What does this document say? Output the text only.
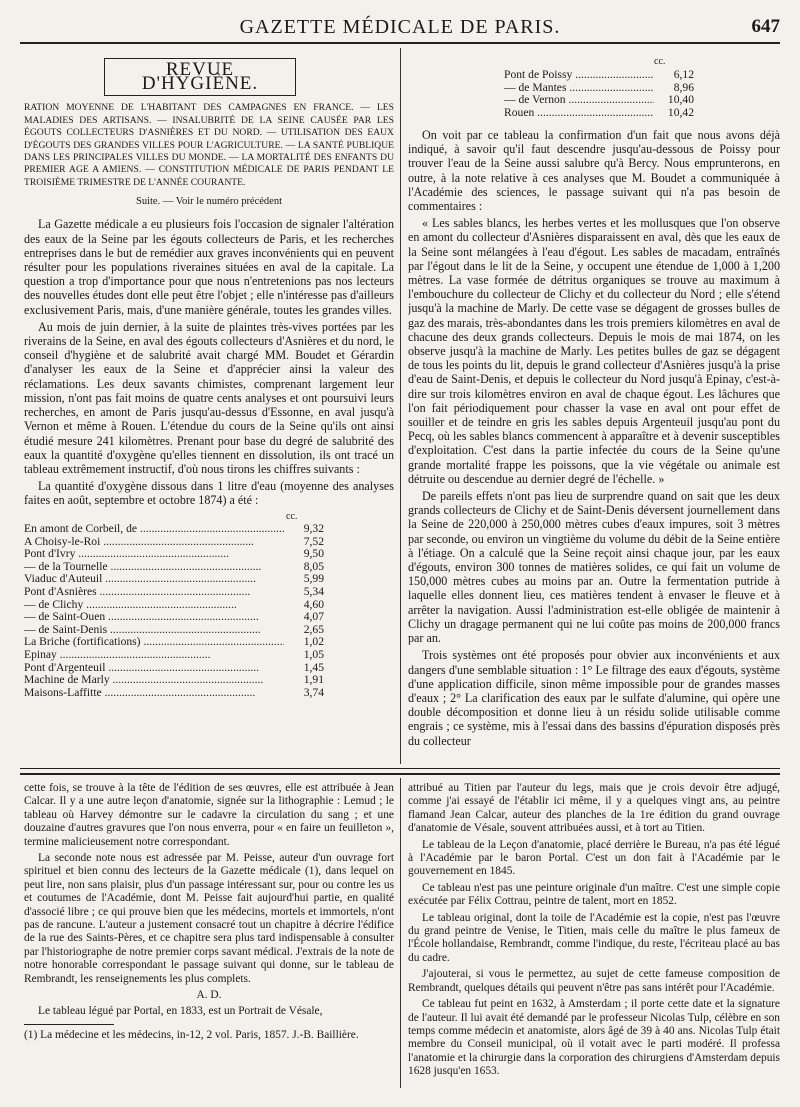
GAZETTE MÉDICALE DE PARIS.	647
REVUE D'HYGIÈNE.
RATION MOYENNE DE L'HABITANT DES CAMPAGNES EN FRANCE. — LES MALADIES DES ARTISANS. — INSALUBRITÉ DE LA SEINE CAUSÉE PAR LES ÉGOUTS COLLECTEURS D'ASNIÈRES ET DU NORD. — UTILISATION DES EAUX D'ÉGOUTS DES GRANDES VILLES POUR L'AGRICULTURE. — LA SANTÉ PUBLIQUE DANS LES PRINCIPALES VILLES DU MONDE. — LA MORTALITÉ DES ENFANTS DU PREMIER AGE A AMIENS. — CONSTITUTION MÉDICALE DE PARIS PENDANT LE TROISIÈME TRIMESTRE DE L'ANNÉE COURANTE.
Suite. — Voir le numéro précédent

La Gazette médicale a eu plusieurs fois l'occasion de signaler l'altération des eaux de la Seine par les égouts collecteurs de Paris, et les recherches entreprises dans le but de remédier aux graves inconvénients qui en peuvent résulter pour les populations riveraines situées en aval de la capitale. La question a trop d'importance pour que nous n'entretenions pas nos lecteurs des nouvelles études dont elle peut être l'objet ; elle n'intéresse pas d'ailleurs exclusivement Paris, mais, d'une manière générale, toutes les grandes villes.

Au mois de juin dernier, à la suite de plaintes très-vives portées par les riverains de la Seine, en aval des égouts collecteurs d'Asnières et du nord, le conseil d'hygiène et de salubrité avait chargé MM. Boudet et Gérardin d'analyser les eaux de la Seine et d'apprécier ainsi la valeur des réclamations. Les deux savants chimistes, comprenant largement leur mission, n'ont pas fait moins de quatre cents analyses et ont poursuivi leurs recherches, en amont de Paris jusqu'au-dessus d'Essonne, en aval jusqu'à Vernon et même à Rouen. L'étendue du cours de la Seine qu'ils ont ainsi étudié mesure 241 kilomètres. Prenant pour base du degré de salubrité des eaux la quantité d'oxygène qu'elles tiennent en dissolution, ils ont tracé un tableau extrêmement instructif, d'où nous tirons les chiffres suivants :

La quantité d'oxygène dissous dans 1 litre d'eau (moyenne des analyses faites en août, septembre et octobre 1874) a été :

cc.
En amont de Corbeil, de .....	9,32
A Choisy-le-Roi .....	7,52
Pont d'Ivry .....	9,50
— de la Tournelle .....	8,05
Viaduc d'Auteuil .....	5,99
Pont d'Asnières .....	5,34
— de Clichy .....	4,60
— de Saint-Ouen .....	4,07
— de Saint-Denis .....	2,65
La Briche (fortifications) .....	1,02
Epinay .....	1,05
Pont d'Argenteuil .....	1,45
Machine de Marly .....	1,91
Maisons-Laffitte .....	3,74
cc.
Pont de Poissy .....	6,12
— de Mantes .....	8,96
— de Vernon .....	10,40
Rouen .....	10,42

On voit par ce tableau la confirmation d'un fait que nous avons déjà indiqué, à savoir qu'il faut descendre jusqu'au-dessous de Poissy pour trouver l'eau de la Seine aussi salubre qu'à Bercy. Nous emprunterons, en outre, à la note relative à ces analyses que M. Boudet a communiquée à l'Académie des sciences, le passage suivant qui n'a pas besoin de commentaires :

« Les sables blancs, les herbes vertes et les mollusques que l'on observe en amont du collecteur d'Asnières disparaissent en aval, dès que les eaux de la Seine sont mélangées à l'eau d'égout. Les sables de macadam, entraînés par l'égout dans le lit de la Seine, y occupent une étendue de 1,000 à 1,200 mètres. La vase formée de détritus organiques se trouve au maximum à l'embouchure du collecteur de Clichy et du collecteur du Nord ; elle s'étend jusqu'à la machine de Marly. De cette vase se dégagent de grosses bulles de gaz des marais, très-abondantes dans les trois premiers kilomètres en aval de chacune des deux grands collecteurs. Depuis le mois de mai 1874, on les observe jusqu'à la machine de Marly. Les petites bulles de gaz se dégagent de tous les points du lit, depuis le grand collecteur d'Asnières jusqu'à la prise d'eau de Saint-Denis, et depuis le collecteur du Nord jusqu'à Epinay, c'est-à-dire sur trois kilomètres environ en aval de chaque égout. Les lâchures que l'on fait périodiquement pour chasser la vase en aval ont pour effet de souiller et de teindre en gris les sables depuis Argenteuil jusqu'au pont du Pecq, où les sables blancs commencent à apparaître et à devenir susceptibles d'exploitation. C'est dans la partie infectée du cours de la Seine qu'une grande mortalité frappe les poissons, que la vie végétale ou animale est détruite ou descendue au dernier degré de l'échelle. »

De pareils effets n'ont pas lieu de surprendre quand on sait que les deux grands collecteurs de Clichy et de Saint-Denis déversent journellement dans la Seine de 220,000 à 250,000 mètres cubes d'eaux impures, soit 3 mètres par seconde, ou environ un vingtième du volume du débit de la Seine entière à l'étiage. On a calculé que la Seine reçoit ainsi chaque jour, par les eaux d'égouts, environ 300 tonnes de matières solides, ce qui fait un volume de 150,000 mètres cubes au moins par an. Outre la fermentation putride à laquelle elles donnent lieu, ces matières tendent à envaser le fleuve et à arrêter la navigation. Aussi l'administration est-elle obligée de maintenir à Clichy un dragage permanent qui ne lui coûte pas moins de 200,000 francs par an.

Trois systèmes ont été proposés pour obvier aux inconvénients et aux dangers d'une semblable situation : 1° Le filtrage des eaux d'égouts, système d'une application difficile, sinon même impossible pour de grandes masses d'eaux ; 2° La clarification des eaux par le sulfate d'alumine, qui opère une double décomposition et donne lieu à un résidu solide utilisable comme engrais ; ce système, mis à l'essai dans des bassins d'épuration disposés près du collecteur

cette fois, se trouve à la tête de l'édition de ses œuvres, elle est attribuée à Jean Calcar. Il y a une autre leçon d'anatomie, signée sur la lithographie : Lemud ; le tableau où Harvey démontre sur le cadavre la circulation du sang ; et une douzaine d'autres gravures que l'on nous enverra, pour « en faire un feuilleton », termine malicieusement notre correspondant.

La seconde note nous est adressée par M. Peisse, auteur d'un ouvrage fort spirituel et bien connu des lecteurs de la Gazette médicale (1), dans lequel on peut lire, non sans plaisir, plus d'un passage intéressant sur, pour ou contre les us et coutumes de l'Académie, dont M. Peisse fait aujourd'hui partie, en qualité d'associé libre ; ce qui prouve bien que les médecins, mortels et immortels, n'ont pas de rancune. L'auteur a justement consacré tout un chapitre à décrire l'édifice de la rue des Saints-Pères, et ce chapitre sera plus tard indispensable à consulter par l'historiographe de notre premier corps savant médical. J'extrais de la note de notre honorable correspondant le passage suivant qui donne, sur le tableau de Rembrandt, les renseignements les plus complets.

A. D.

Le tableau légué par Portal, en 1833, est un Portrait de Vésale,

(1) La médecine et les médecins, in-12, 2 vol. Paris, 1857. J.-B. Baillière.

attribué au Titien par l'auteur du legs, mais que je crois devoir être adjugé, comme j'ai essayé de l'établir ici même, il y a quelques vingt ans, au peintre flamand Jean Calcar, auteur des planches de la 1re édition du grand ouvrage d'anatomie de Vésale, souvent attribuées aussi, et à tort au Titien.

Le tableau de la Leçon d'anatomie, placé derrière le Bureau, n'a pas été légué à l'Académie par le baron Portal. C'est un don fait à l'Académie par le gouvernement en 1845.

Ce tableau n'est pas une peinture originale d'un maître. C'est une simple copie exécutée par Félix Cottrau, peintre de talent, mort en 1852.

Le tableau original, dont la toile de l'Académie est la copie, n'est pas l'œuvre du grand peintre de Venise, le Titien, mais celle du maître le plus fameux de l'École hollandaise, Rembrandt, comme l'indique, du reste, l'écriteau placé au bas du cadre.

J'ajouterai, si vous le permettez, au sujet de cette fameuse composition de Rembrandt, quelques détails qui peuvent n'être pas sans intérêt pour l'Académie.

Ce tableau fut peint en 1632, à Amsterdam ; il porte cette date et la signature de l'auteur. Il lui avait été demandé par le professeur Nicolas Tulp, célèbre en son temps comme médecin et anatomiste, alors âgé de 39 à 40 ans. Nicolas Tulp était membre du Conseil municipal, où il votait avec le parti modéré. Il professa l'anatomie et la chirurgie dans la corporation des chirurgiens d'Amsterdam depuis 1628 jusqu'en 1653.
